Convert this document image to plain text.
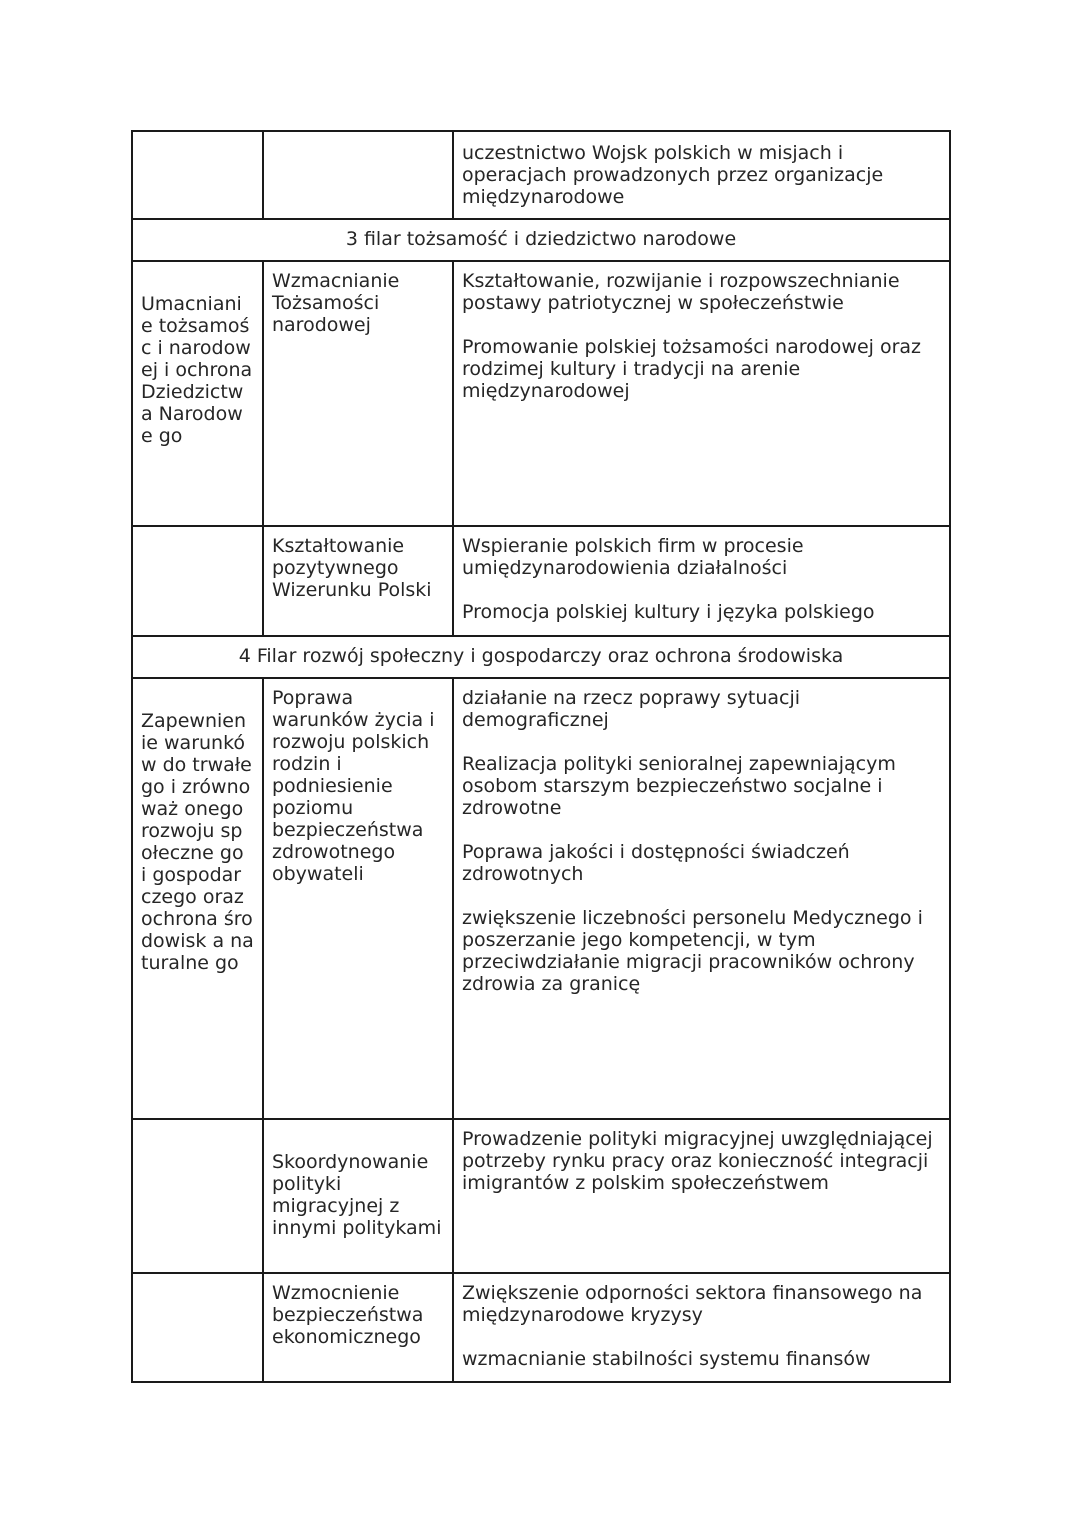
		uczestnictwo Wojsk polskich w misjach i operacjach prowadzonych przez organizacje międzynarodowe

3 filar tożsamość i dziedzictwo narodowe		
Umacniani e tożsamośc i narodowej i ochrona Dziedzictw a Narodowe go	Wzmacnianie Tożsamości narodowej	Kształtowanie, rozwijanie i rozpowszechnianie postawy patriotycznej w społeczeństwie
Promowanie polskiej tożsamości narodowej oraz rodzimej kultury i tradycji na arenie międzynarodowej

	Kształtowanie pozytywnego Wizerunku Polski	Wspieranie polskich firm w procesie umiędzynarodowienia działalności
Promocja polskiej kultury i języka polskiego

4 Filar rozwój społeczny i gospodarczy oraz ochrona środowiska		
Zapewnien ie warunków do trwałego i zrównoważ onego rozwoju społeczne go i gospodar czego oraz ochrona środowisk a naturalne go	Poprawa warunków życia i rozwoju polskich rodzin i podniesienie poziomu bezpieczeństwa zdrowotnego obywateli	działanie na rzecz poprawy sytuacji demograficznej
Realizacja polityki senioralnej zapewniającym osobom starszym bezpieczeństwo socjalne i zdrowotne
Poprawa jakości i dostępności świadczeń zdrowotnych
zwiększenie liczebności personelu Medycznego i poszerzanie jego kompetencji, w tym przeciwdziałanie migracji pracowników ochrony zdrowia za granicę

	Skoordynowanie polityki migracyjnej z innymi politykami	Prowadzenie polityki migracyjnej uwzględniającej potrzeby rynku pracy oraz konieczność integracji imigrantów z polskim społeczeństwem

	Wzmocnienie bezpieczeństwa ekonomicznego	Zwiększenie odporności sektora finansowego na międzynarodowe kryzysy
wzmacnianie stabilności systemu finansów
